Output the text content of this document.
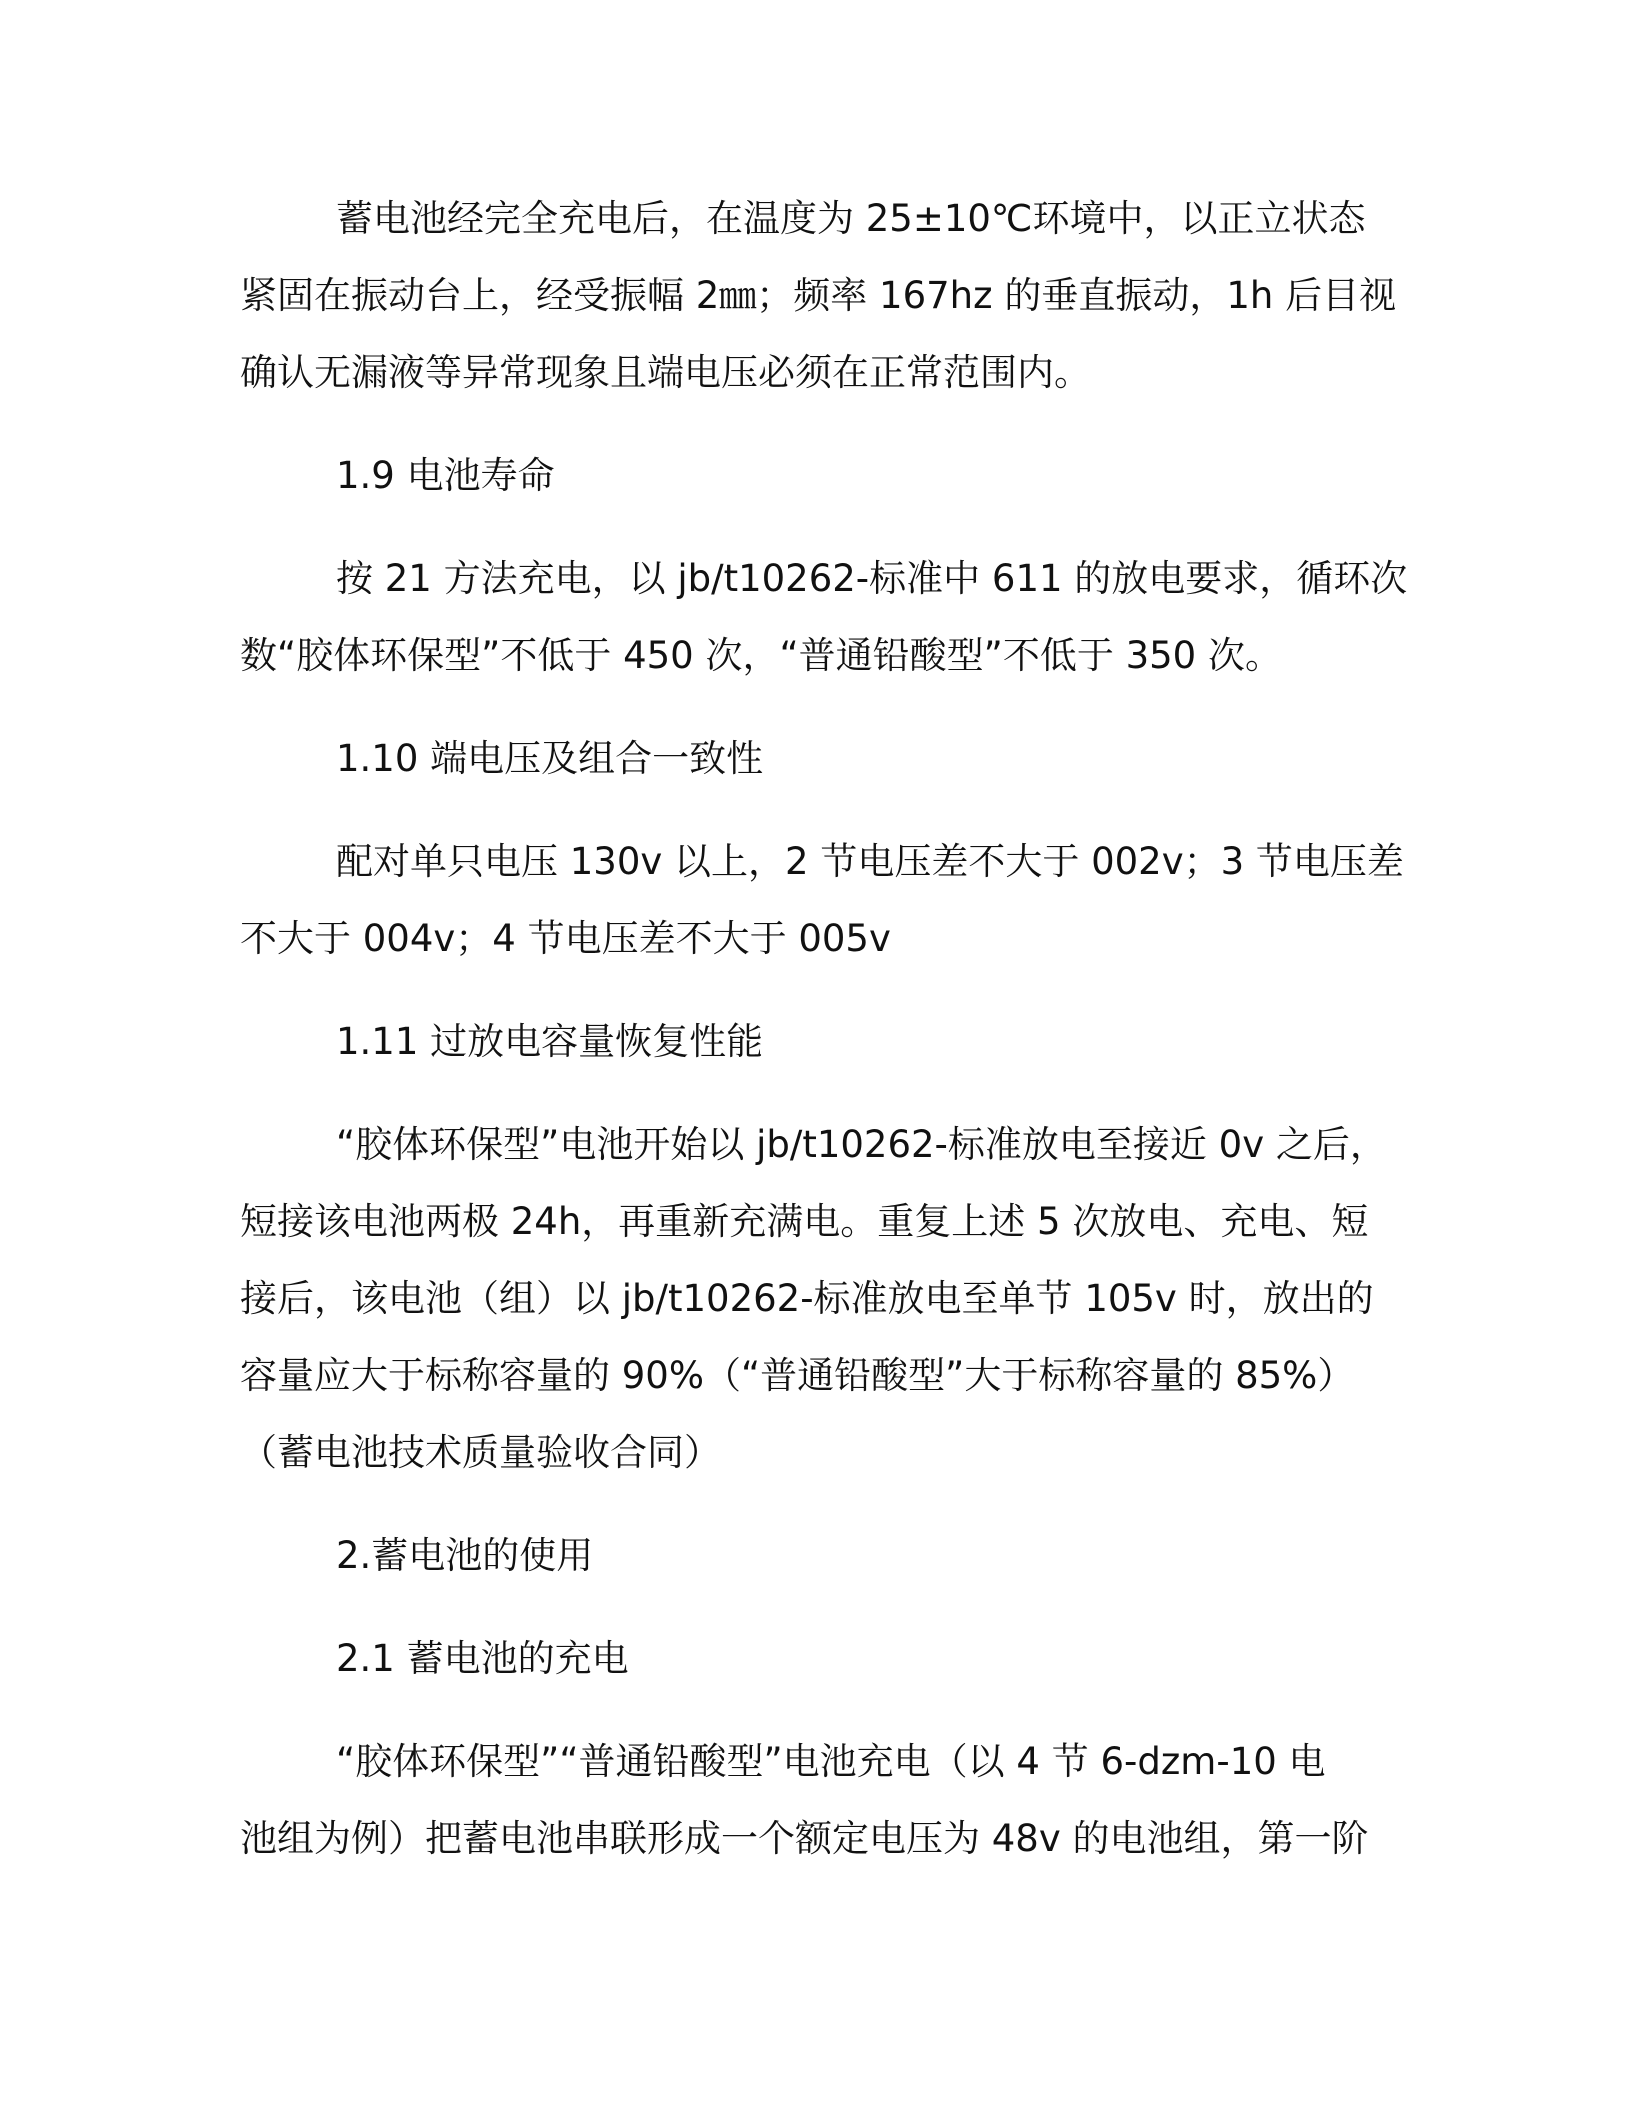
蓄电池经完全充电后，在温度为 25±10℃环境中，以正立状态
紧固在振动台上，经受振幅 2㎜；频率 167hz 的垂直振动，1h 后目视
确认无漏液等异常现象且端电压必须在正常范围内。

1.9 电池寿命

按 21 方法充电，以 jb/t10262-标准中 611 的放电要求，循环次
数“胶体环保型”不低于 450 次，“普通铅酸型”不低于 350 次。

1.10 端电压及组合一致性

配对单只电压 130v 以上，2 节电压差不大于 002v；3 节电压差
不大于 004v；4 节电压差不大于 005v

1.11 过放电容量恢复性能

“胶体环保型”电池开始以 jb/t10262-标准放电至接近 0v 之后，
短接该电池两极 24h，再重新充满电。重复上述 5 次放电、充电、短
接后，该电池（组）以 jb/t10262-标准放电至单节 105v 时，放出的
容量应大于标称容量的 90%（“普通铅酸型”大于标称容量的 85%）
（蓄电池技术质量验收合同）

2.蓄电池的使用

2.1 蓄电池的充电

“胶体环保型”“普通铅酸型”电池充电（以 4 节 6-dzm-10 电
池组为例）把蓄电池串联形成一个额定电压为 48v 的电池组，第一阶
